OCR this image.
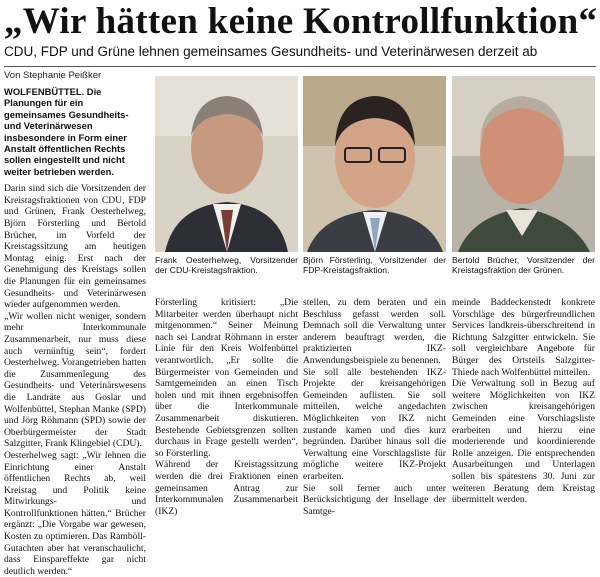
„Wir hätten keine Kontrollfunktion“
CDU, FDP und Grüne lehnen gemeinsames Gesundheits- und Veterinärwesen derzeit ab
Von Stephanie Peißker

WOLFENBÜTTEL. Die Planungen für ein gemeinsames Gesundheits- und Veterinärwesen insbesondere in Form einer Anstalt öffentlichen Rechts sollen eingestellt und nicht weiter betrieben werden.

Darin sind sich die Vorsitzenden der Kreistagsfraktionen von CDU, FDP und Grünen, Frank Oesterhelweg, Björn Försterling und Bertold Brücher, im Vorfeld der Kreistagssitzung am heutigen Montag einig. Erst nach der Genehmigung des Kreistags sollen die Planungen für ein gemeinsames Gesundheits- und Veterinärwesen wieder aufgenommen werden.
„Wir wollen nicht weniger, sondern mehr Interkommunale Zusammenarbeit, nur muss diese auch vernünftig sein“, fordert Oesterhelweg. Vorangetrieben hatten die Zusammenlegung des Gesundheits- und Veterinärswesens die Landräte aus Goslar und Wolfenbüttel, Stephan Manke (SPD) und Jörg Röhmann (SPD) sowie der Oberbürgermeister der Stadt Salzgitter, Frank Klingebiel (CDU).
Oesterhelweg sagt: „Wir lehnen die Einrichtung einer Anstalt öffentlichen Rechts ab, weil Kreistag und Politik keine Mitwirkungs- und Kontrollfunktionen hätten.“ Brücher ergänzt: „Die Vorgabe war gewesen, Kosten zu optimieren. Das Ramböll-Gutachten aber hat veranschaulicht, dass Einspareffekte gar nicht deutlich werden.“

Frank Oesterhelweg, Vorsitzender der CDU-Kreistagsfraktion.
Björn Försterling, Vorsitzender der FDP-Kreistagsfraktion.
Bertold Brücher, Vorsitzender der Kreistagsfraktion der Grünen.

Försterling kritisiert: „Die Mitarbeiter werden überhaupt nicht mitgenommen.“ Seiner Meinung nach sei Landrat Röhmann in erster Linie für den Kreis Wolfenbüttel verantwortlich. „Er sollte die Bürgermeister von Gemeinden und Samtgemeinden an einen Tisch holen und mit ihnen ergebnisoffen über die Interkommunale Zusammenarbeit diskutieren. Bestehende Gebietsgrenzen sollten durchaus in Frage gestellt werden“, so Försterling.
Während der Kreistagssitzung werden die drei Fraktionen einen gemeinsamen Antrag zur Interkommunalen Zusammenarbeit (IKZ)

stellen, zu dem beraten und ein Beschluss gefasst werden soll. Demnach soll die Verwaltung unter anderem beauftragt werden, die praktizierten IKZ-Anwendungsbeispiele zu benennen.
Sie soll alle bestehenden IKZ-Projekte der kreisangehörigen Gemeinden auflisten. Sie soll mitteilen, welche angedachten Möglichkeiten von IKZ nicht zustande kamen und dies kurz begründen. Darüber hinaus soll die Verwaltung eine Vorschlagsliste für mögliche weitere IKZ-Projekt erarbeiten.
Sie soll ferner auch unter Berücksichtigung der Insellage der Samtge-

meinde Baddeckenstedt konkrete Vorschläge des bürgerfreundlichen Services landkreis-überschreitend in Richtung Salzgitter entwickeln. Sie soll vergleichbare Angebote für Bürger des Ortsteils Salzgitter-Thiede nach Wolfenbüttel mitteilen.
Die Verwaltung soll in Bezug auf weitere Möglichkeiten von IKZ zwischen kreisangehörigen Gemeinden eine Vorschlagsliste erarbeiten und hierzu eine moderierende und koordinierende Rolle anzeigen. Die entsprechenden Ausarbeitungen und Unterlagen sollen bis spätestens 30. Juni zur weiteren Beratung dem Kreistag übermittelt werden.
